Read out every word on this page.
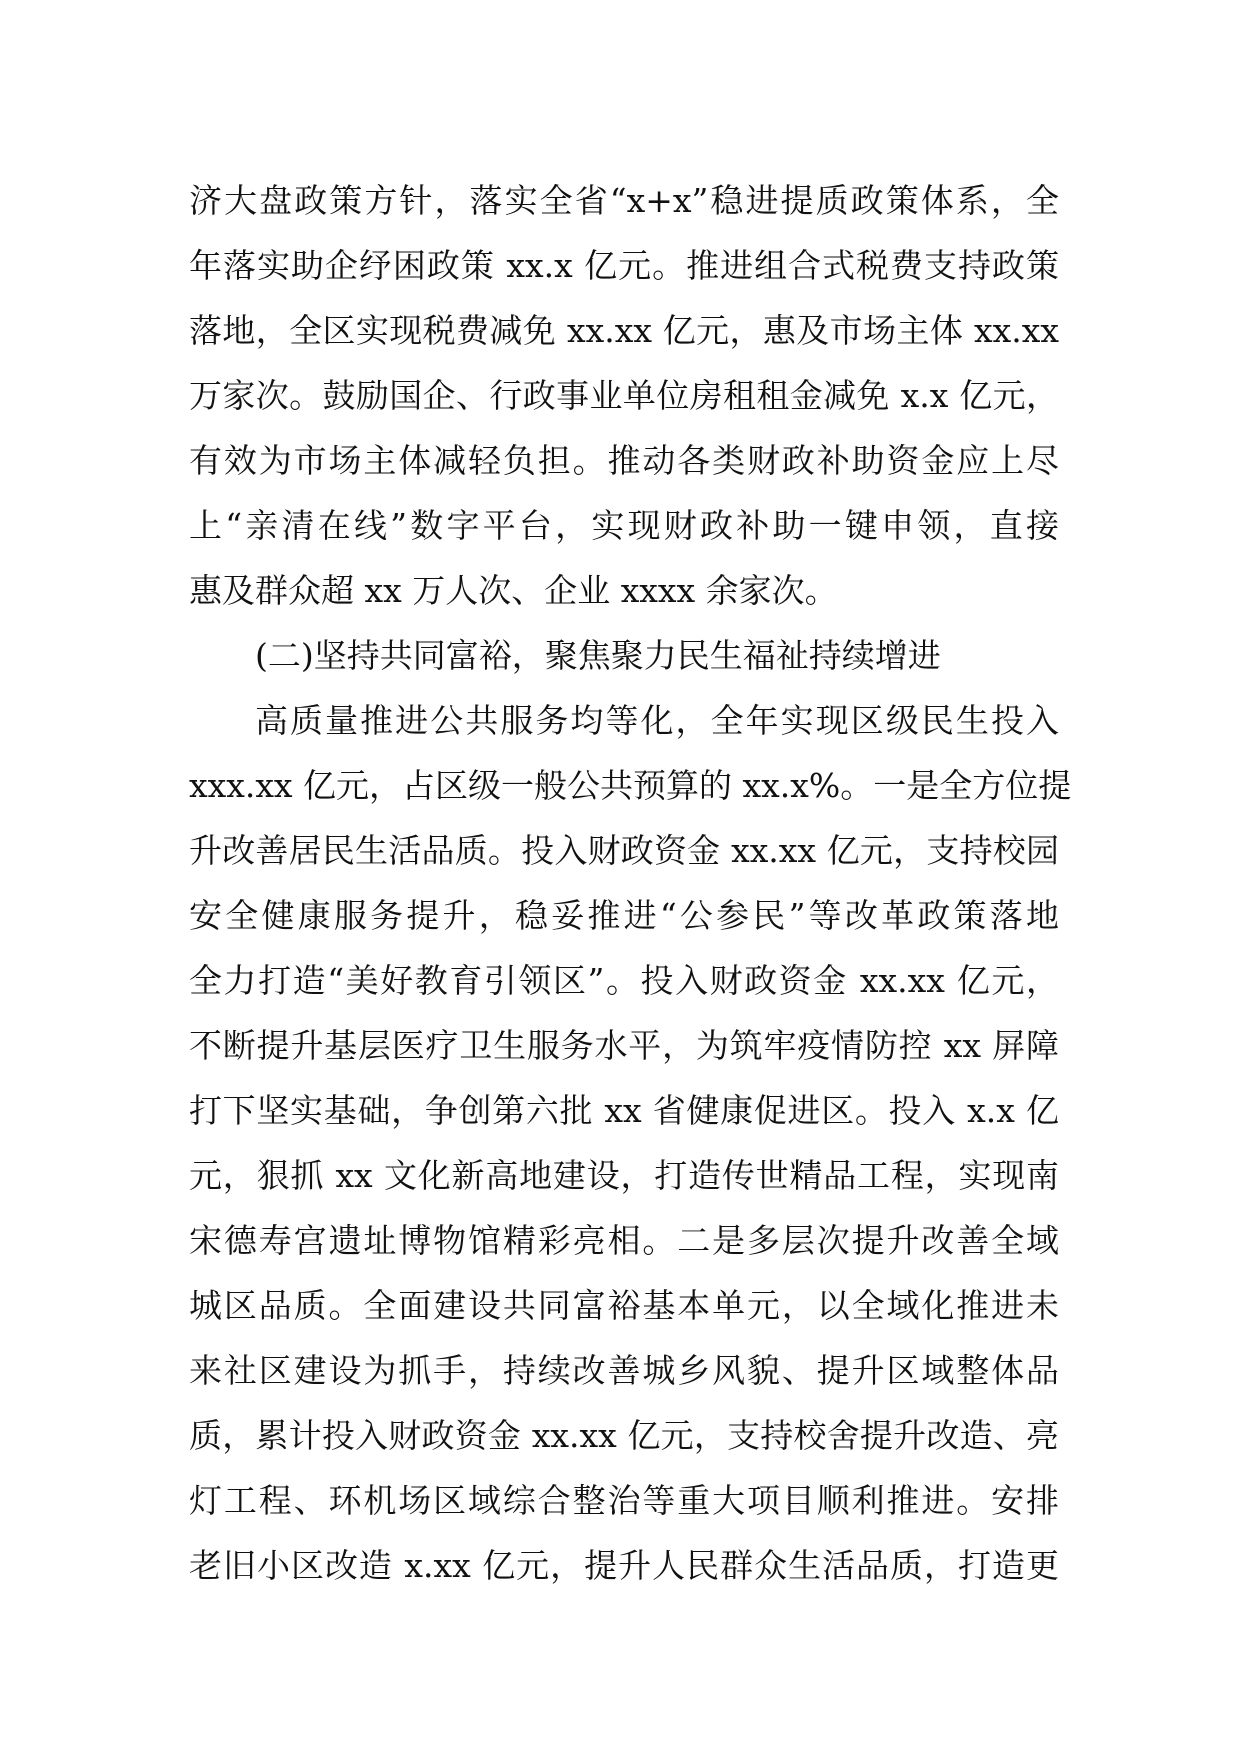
济大盘政策方针，落实全省“x+x”稳进提质政策体系，全
年落实助企纾困政策 xx.x 亿元。推进组合式税费支持政策
落地，全区实现税费减免 xx.xx 亿元，惠及市场主体 xx.xx
万家次。鼓励国企、行政事业单位房租租金减免 x.x 亿元，
有效为市场主体减轻负担。推动各类财政补助资金应上尽
上“亲清在线”数字平台，实现财政补助一键申领，直接
惠及群众超 xx 万人次、企业 xxxx 余家次。

(二)坚持共同富裕，聚焦聚力民生福祉持续增进

高质量推进公共服务均等化，全年实现区级民生投入
xxx.xx 亿元，占区级一般公共预算的 xx.x%。一是全方位提
升改善居民生活品质。投入财政资金 xx.xx 亿元，支持校园
安全健康服务提升，稳妥推进“公参民”等改革政策落地
全力打造“美好教育引领区”。投入财政资金 xx.xx 亿元，
不断提升基层医疗卫生服务水平，为筑牢疫情防控 xx 屏障
打下坚实基础，争创第六批 xx 省健康促进区。投入 x.x 亿
元，狠抓 xx 文化新高地建设，打造传世精品工程，实现南
宋德寿宫遗址博物馆精彩亮相。二是多层次提升改善全域
城区品质。全面建设共同富裕基本单元，以全域化推进未
来社区建设为抓手，持续改善城乡风貌、提升区域整体品
质，累计投入财政资金 xx.xx 亿元，支持校舍提升改造、亮
灯工程、环机场区域综合整治等重大项目顺利推进。安排
老旧小区改造 x.xx 亿元，提升人民群众生活品质，打造更
